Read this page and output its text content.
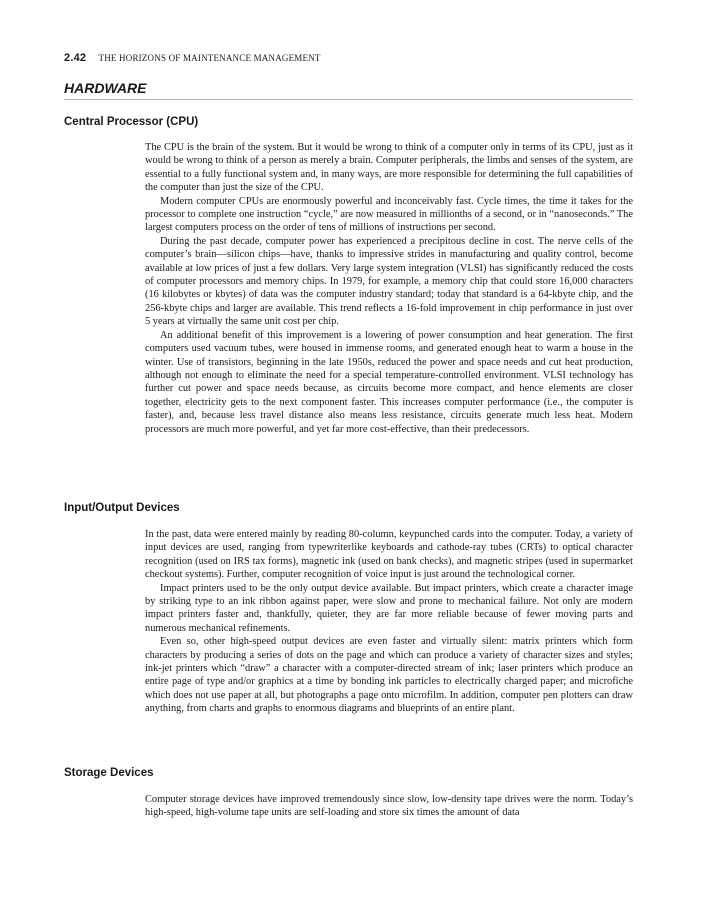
2.42 THE HORIZONS OF MAINTENANCE MANAGEMENT
HARDWARE
Central Processor (CPU)

The CPU is the brain of the system. But it would be wrong to think of a computer only in terms of its CPU, just as it would be wrong to think of a person as merely a brain. Computer peripherals, the limbs and senses of the system, are essential to a fully functional system and, in many ways, are more responsible for determining the full capabilities of the computer than just the size of the CPU.

Modern computer CPUs are enormously powerful and inconceivably fast. Cycle times, the time it takes for the processor to complete one instruction “cycle,” are now measured in millionths of a second, or in “nanoseconds.” The largest computers process on the order of tens of millions of instructions per second.

During the past decade, computer power has experienced a precipitous decline in cost. The nerve cells of the computer’s brain—silicon chips—have, thanks to impressive strides in manufacturing and quality control, become available at low prices of just a few dollars. Very large system integration (VLSI) has significantly reduced the costs of computer processors and memory chips. In 1979, for example, a memory chip that could store 16,000 characters (16 kilobytes or kbytes) of data was the computer industry standard; today that standard is a 64-kbyte chip, and the 256-kbyte chips and larger are available. This trend reflects a 16-fold improvement in chip performance in just over 5 years at virtually the same unit cost per chip.

An additional benefit of this improvement is a lowering of power consumption and heat generation. The first computers used vacuum tubes, were housed in immense rooms, and generated enough heat to warm a house in the winter. Use of transistors, beginning in the late 1950s, reduced the power and space needs and cut heat production, although not enough to eliminate the need for a special temperature-controlled environment. VLSI technology has further cut power and space needs because, as circuits become more compact, and hence elements are closer together, electricity gets to the next component faster. This increases computer performance (i.e., the computer is faster), and, because less travel distance also means less resistance, circuits generate much less heat. Modern processors are much more powerful, and yet far more cost-effective, than their predecessors.

Input/Output Devices

In the past, data were entered mainly by reading 80-column, keypunched cards into the computer. Today, a variety of input devices are used, ranging from typewriterlike keyboards and cathode-ray tubes (CRTs) to optical character recognition (used on IRS tax forms), magnetic ink (used on bank checks), and magnetic stripes (used in supermarket checkout systems). Further, computer recognition of voice input is just around the technological corner.

Impact printers used to be the only output device available. But impact printers, which create a character image by striking type to an ink ribbon against paper, were slow and prone to mechanical failure. Not only are modern impact printers faster and, thankfully, quieter, they are far more reliable because of fewer moving parts and numerous mechanical refinements.

Even so, other high-speed output devices are even faster and virtually silent: matrix printers which form characters by producing a series of dots on the page and which can produce a variety of character sizes and styles; ink-jet printers which “draw” a character with a computer-directed stream of ink; laser printers which produce an entire page of type and/or graphics at a time by bonding ink particles to electrically charged paper; and microfiche which does not use paper at all, but photographs a page onto microfilm. In addition, computer pen plotters can draw anything, from charts and graphs to enormous diagrams and blueprints of an entire plant.

Storage Devices

Computer storage devices have improved tremendously since slow, low-density tape drives were the norm. Today’s high-speed, high-volume tape units are self-loading and store six times the amount of data
